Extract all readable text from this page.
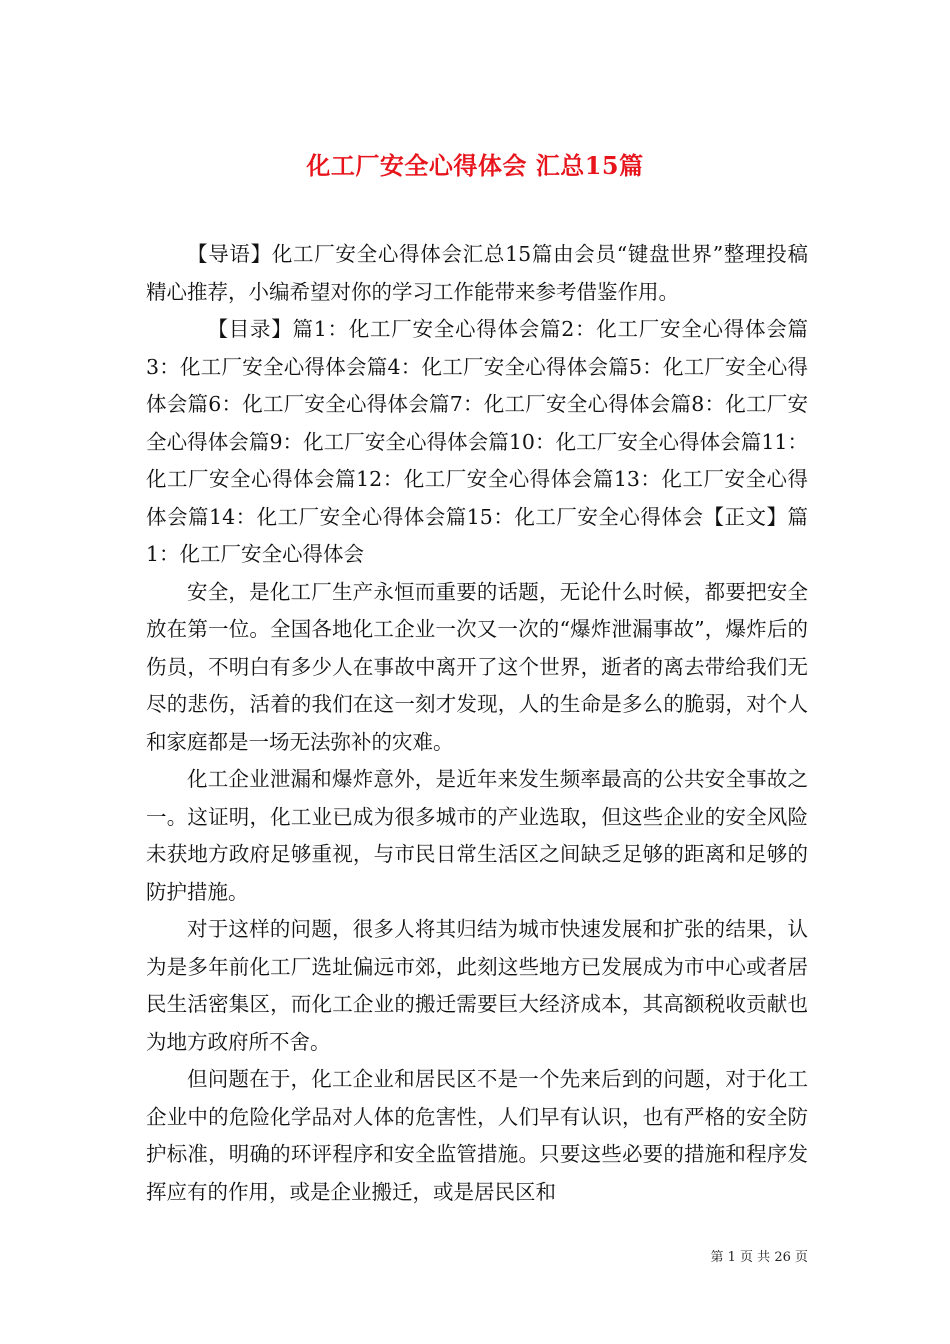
化工厂安全心得体会 汇总15篇

【导语】化工厂安全心得体会汇总15篇由会员“键盘世界”整理投稿精心推荐，小编希望对你的学习工作能带来参考借鉴作用。

【目录】篇1：化工厂安全心得体会篇2：化工厂安全心得体会篇3：化工厂安全心得体会篇4：化工厂安全心得体会篇5：化工厂安全心得体会篇6：化工厂安全心得体会篇7：化工厂安全心得体会篇8：化工厂安全心得体会篇9：化工厂安全心得体会篇10：化工厂安全心得体会篇11：化工厂安全心得体会篇12：化工厂安全心得体会篇13：化工厂安全心得体会篇14：化工厂安全心得体会篇15：化工厂安全心得体会【正文】篇1：化工厂安全心得体会

安全，是化工厂生产永恒而重要的话题，无论什么时候，都要把安全放在第一位。全国各地化工企业一次又一次的“爆炸泄漏事故”，爆炸后的伤员，不明白有多少人在事故中离开了这个世界，逝者的离去带给我们无尽的悲伤，活着的我们在这一刻才发现，人的生命是多么的脆弱，对个人和家庭都是一场无法弥补的灾难。

化工企业泄漏和爆炸意外，是近年来发生频率最高的公共安全事故之一。这证明，化工业已成为很多城市的产业选取，但这些企业的安全风险未获地方政府足够重视，与市民日常生活区之间缺乏足够的距离和足够的防护措施。

对于这样的问题，很多人将其归结为城市快速发展和扩张的结果，认为是多年前化工厂选址偏远市郊，此刻这些地方已发展成为市中心或者居民生活密集区，而化工企业的搬迁需要巨大经济成本，其高额税收贡献也为地方政府所不舍。

但问题在于，化工企业和居民区不是一个先来后到的问题，对于化工企业中的危险化学品对人体的危害性，人们早有认识，也有严格的安全防护标准，明确的环评程序和安全监管措施。只要这些必要的措施和程序发挥应有的作用，或是企业搬迁，或是居民区和

第 1 页 共 26 页
